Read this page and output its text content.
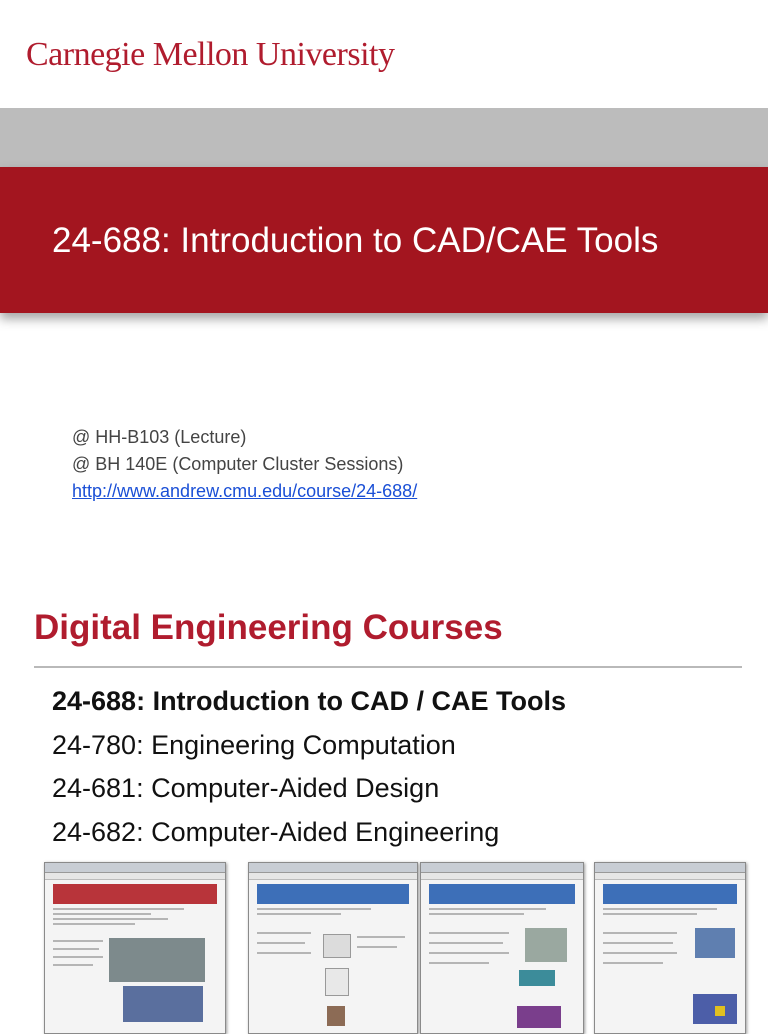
Carnegie Mellon University
24-688: Introduction to CAD/CAE Tools
@ HH-B103 (Lecture)
@ BH 140E (Computer Cluster Sessions)
http://www.andrew.cmu.edu/course/24-688/
Digital Engineering Courses
24-688: Introduction to CAD / CAE Tools
24-780: Engineering Computation
24-681: Computer-Aided Design
24-682: Computer-Aided Engineering
